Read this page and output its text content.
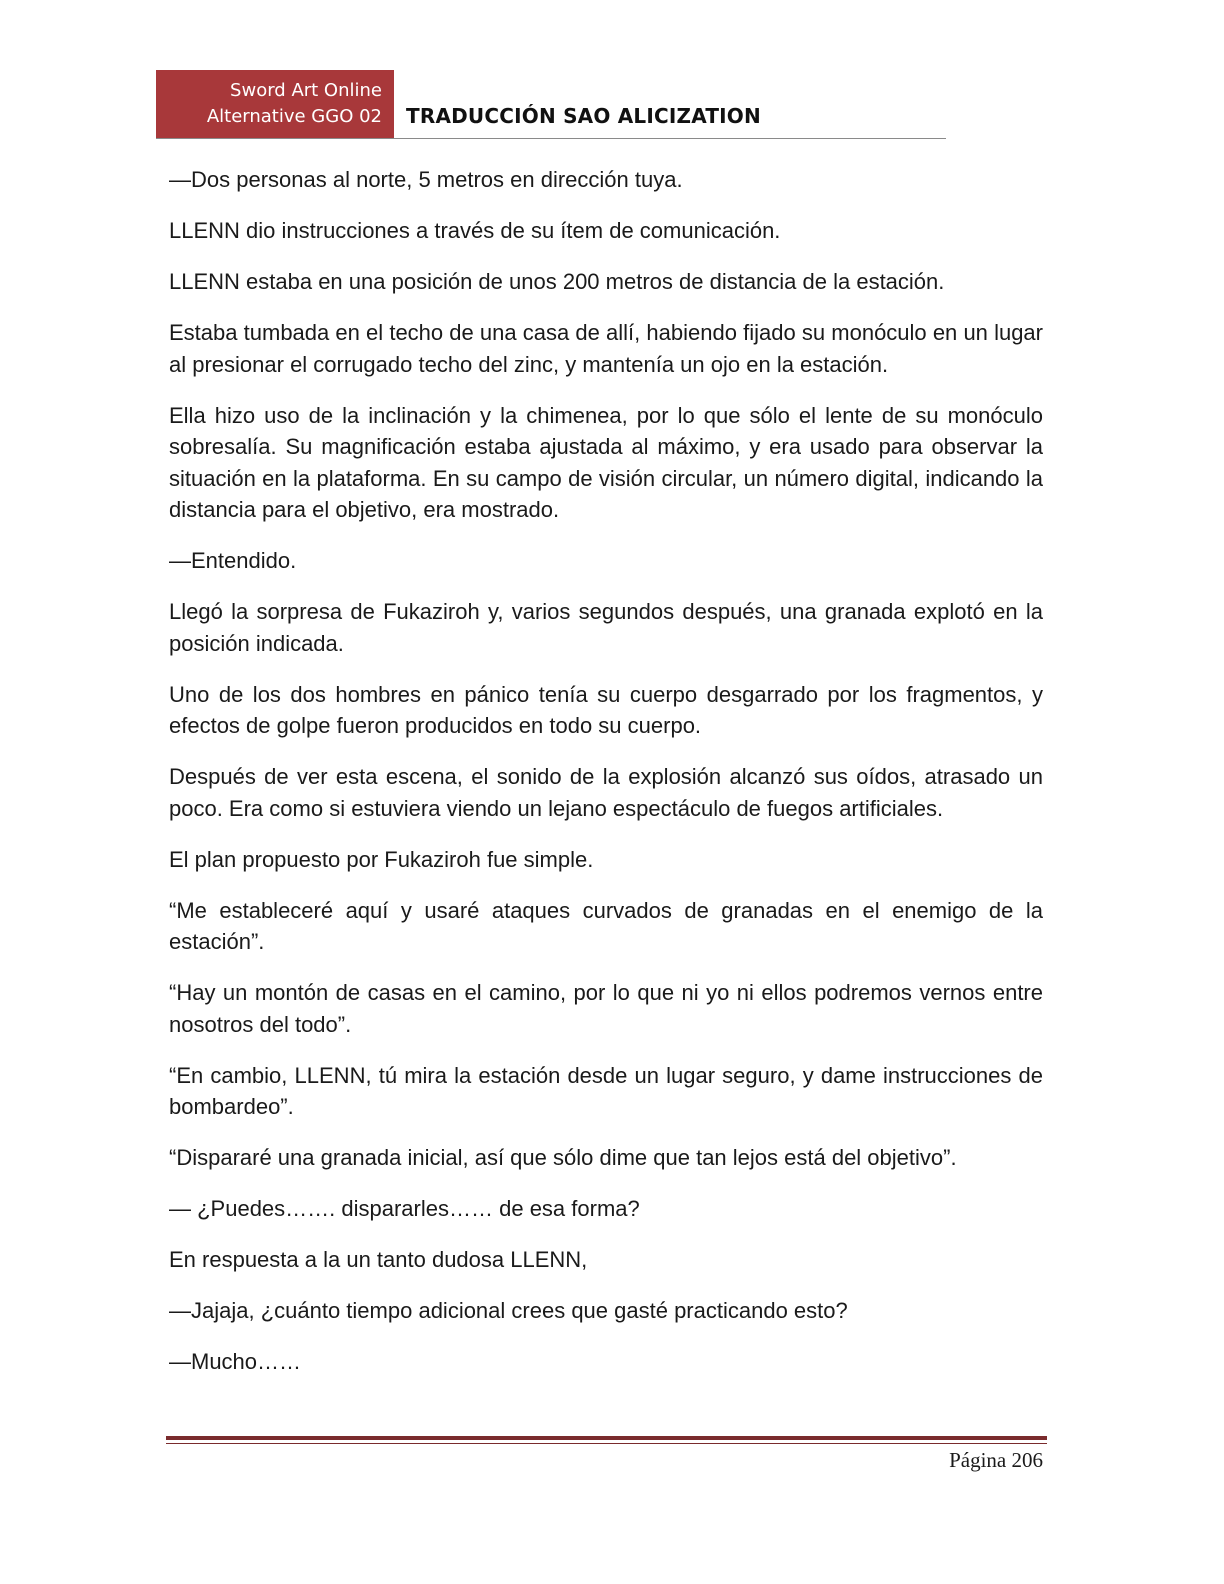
Sword Art Online
Alternative GGO 02 TRADUCCIÓN SAO ALICIZATION

—Dos personas al norte, 5 metros en dirección tuya.

LLENN dio instrucciones a través de su ítem de comunicación.

LLENN estaba en una posición de unos 200 metros de distancia de la estación.

Estaba tumbada en el techo de una casa de allí, habiendo fijado su monóculo en un lugar al presionar el corrugado techo del zinc, y mantenía un ojo en la estación.

Ella hizo uso de la inclinación y la chimenea, por lo que sólo el lente de su monóculo sobresalía. Su magnificación estaba ajustada al máximo, y era usado para observar la situación en la plataforma. En su campo de visión circular, un número digital, indicando la distancia para el objetivo, era mostrado.

—Entendido.

Llegó la sorpresa de Fukaziroh y, varios segundos después, una granada explotó en la posición indicada.

Uno de los dos hombres en pánico tenía su cuerpo desgarrado por los fragmentos, y efectos de golpe fueron producidos en todo su cuerpo.

Después de ver esta escena, el sonido de la explosión alcanzó sus oídos, atrasado un poco. Era como si estuviera viendo un lejano espectáculo de fuegos artificiales.

El plan propuesto por Fukaziroh fue simple.

“Me estableceré aquí y usaré ataques curvados de granadas en el enemigo de la estación”.

“Hay un montón de casas en el camino, por lo que ni yo ni ellos podremos vernos entre nosotros del todo”.

“En cambio, LLENN, tú mira la estación desde un lugar seguro, y dame instrucciones de bombardeo”.

“Dispararé una granada inicial, así que sólo dime que tan lejos está del objetivo”.

— ¿Puedes……. dispararles…… de esa forma?

En respuesta a la un tanto dudosa LLENN,

—Jajaja, ¿cuánto tiempo adicional crees que gasté practicando esto?

—Mucho……

Página 206
